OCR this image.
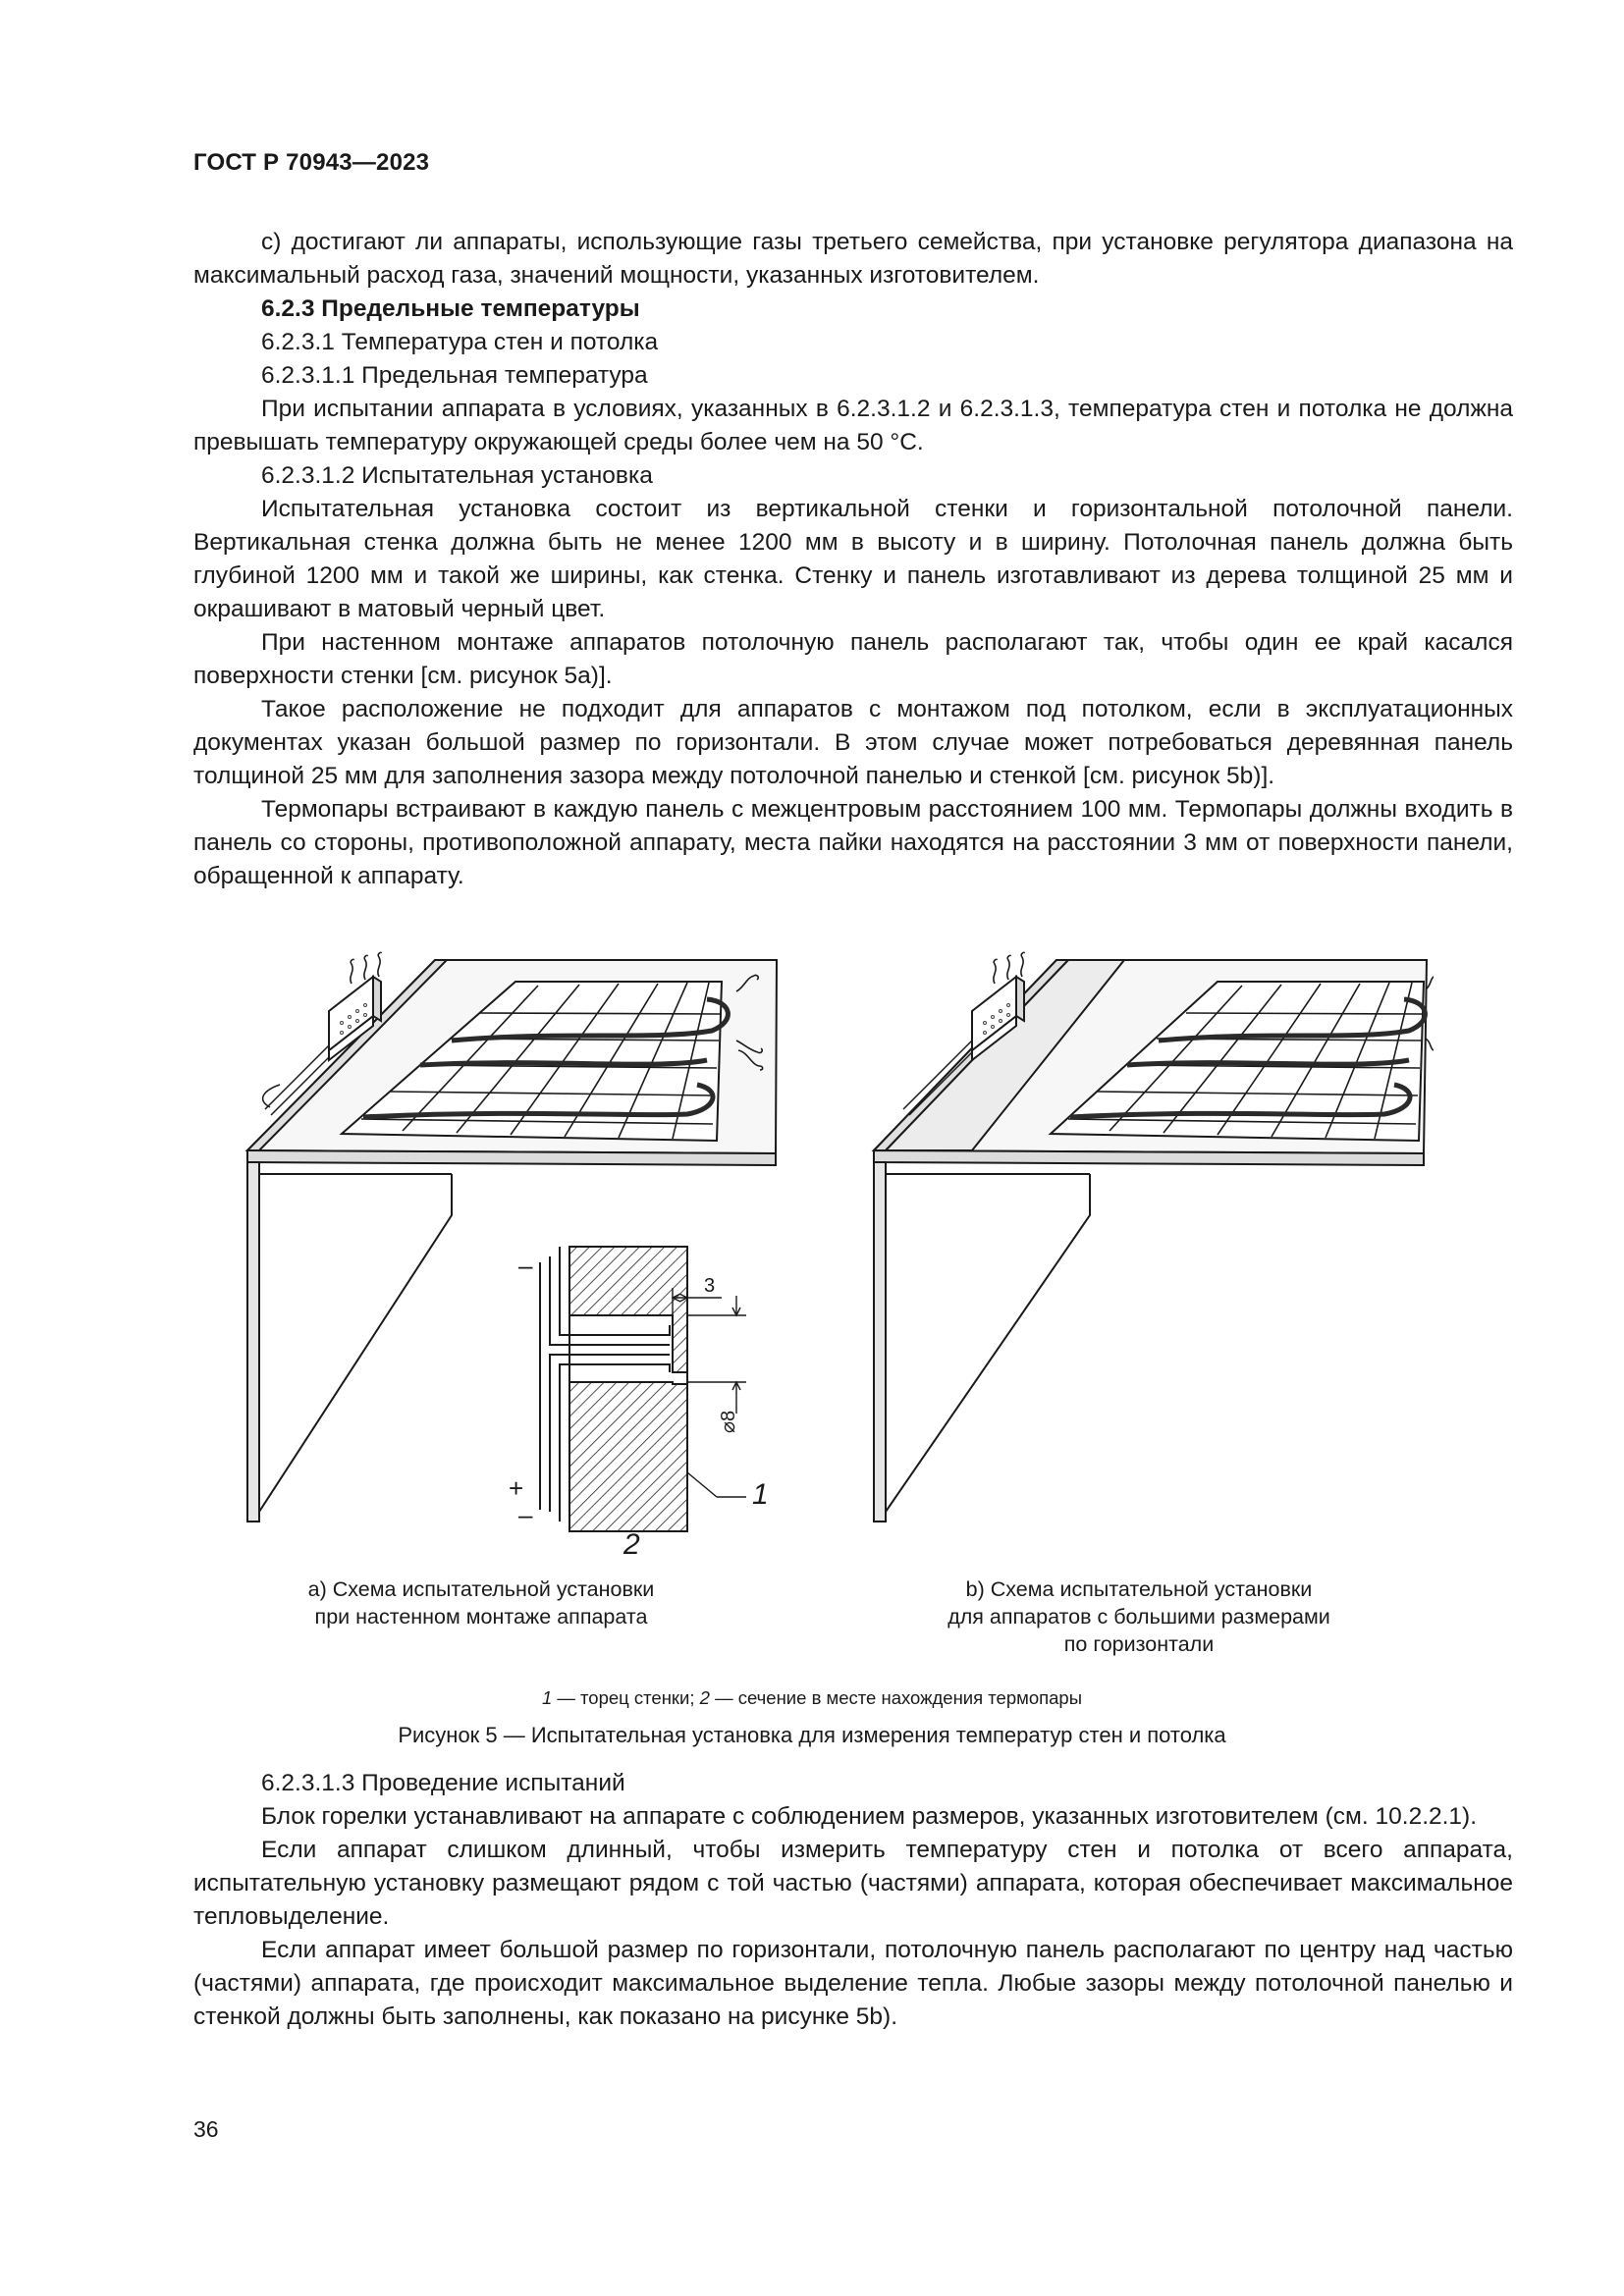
ГОСТ Р 70943—2023

с) достигают ли аппараты, использующие газы третьего семейства, при установке регулятора диапазона на максимальный расход газа, значений мощности, указанных изготовителем.

6.2.3 Предельные температуры

6.2.3.1 Температура стен и потолка

6.2.3.1.1 Предельная температура

При испытании аппарата в условиях, указанных в 6.2.3.1.2 и 6.2.3.1.3, температура стен и потолка не должна превышать температуру окружающей среды более чем на 50 °С.

6.2.3.1.2 Испытательная установка

Испытательная установка состоит из вертикальной стенки и горизонтальной потолочной панели. Вертикальная стенка должна быть не менее 1200 мм в высоту и в ширину. Потолочная панель должна быть глубиной 1200 мм и такой же ширины, как стенка. Стенку и панель изготавливают из дерева толщиной 25 мм и окрашивают в матовый черный цвет.

При настенном монтаже аппаратов потолочную панель располагают так, чтобы один ее край касался поверхности стенки [см. рисунок 5a)].

Такое расположение не подходит для аппаратов с монтажом под потолком, если в эксплуатационных документах указан большой размер по горизонтали. В этом случае может потребоваться деревянная панель толщиной 25 мм для заполнения зазора между потолочной панелью и стенкой [см. рисунок 5b)].

Термопары встраивают в каждую панель с межцентровым расстоянием 100 мм. Термопары должны входить в панель со стороны, противоположной аппарату, места пайки находятся на расстоянии 3 мм от поверхности панели, обращенной к аппарату.

3
⌀8
+
–
–
1
2
а) Схема испытательной установки
при настенном монтаже аппарата
b) Схема испытательной установки
для аппаратов с большими размерами
по горизонтали
1 — торец стенки; 2 — сечение в месте нахождения термопары
Рисунок 5 — Испытательная установка для измерения температур стен и потолка

6.2.3.1.3 Проведение испытаний

Блок горелки устанавливают на аппарате с соблюдением размеров, указанных изготовителем (см. 10.2.2.1).

Если аппарат слишком длинный, чтобы измерить температуру стен и потолка от всего аппарата, испытательную установку размещают рядом с той частью (частями) аппарата, которая обеспечивает максимальное тепловыделение.

Если аппарат имеет большой размер по горизонтали, потолочную панель располагают по центру над частью (частями) аппарата, где происходит максимальное выделение тепла. Любые зазоры между потолочной панелью и стенкой должны быть заполнены, как показано на рисунке 5b).

36
